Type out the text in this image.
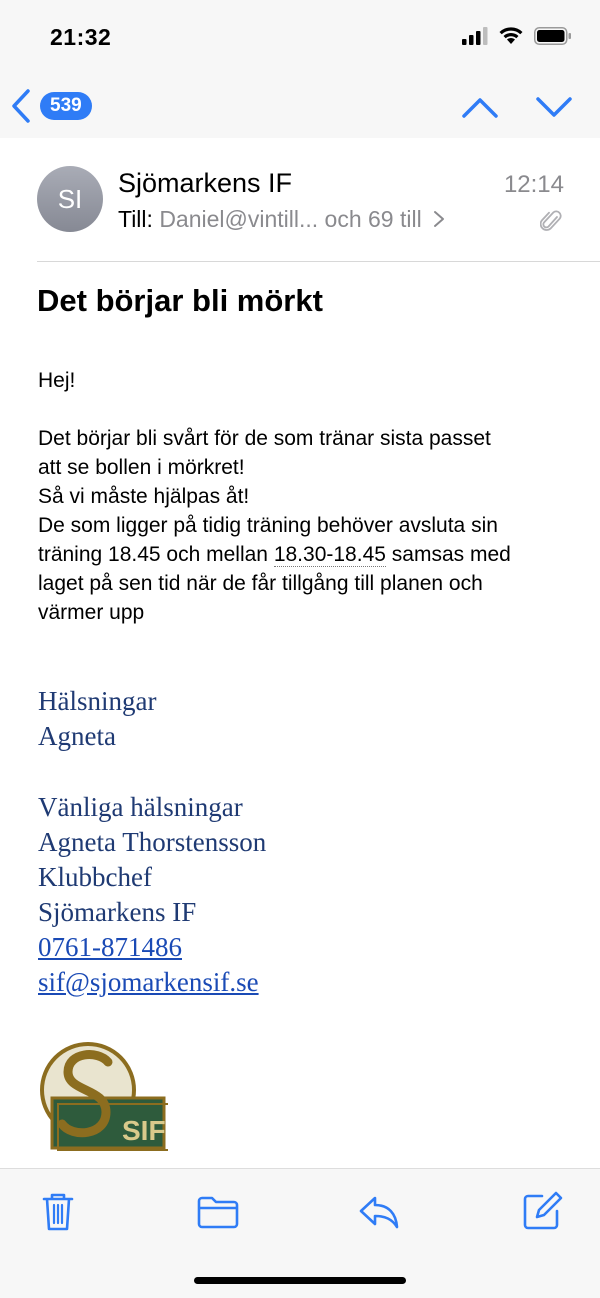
21:32
539
SI
Sjömarkens IF	12:14
Till: Daniel@vintill... och 69 till
Det börjar bli mörkt

Hej!

Det börjar bli svårt för de som tränar sista passet

att se bollen i mörkret!

Så vi måste hjälpas åt!

De som ligger på tidig träning behöver avsluta sin

träning 18.45 och mellan 18.30-18.45 samsas med

laget på sen tid när de får tillgång till planen och

värmer upp

Hälsningar
Agneta
Vänliga hälsningar
Agneta Thorstensson
Klubbchef
Sjömarkens IF
0761-871486
sif@sjomarkensif.se
SIF
